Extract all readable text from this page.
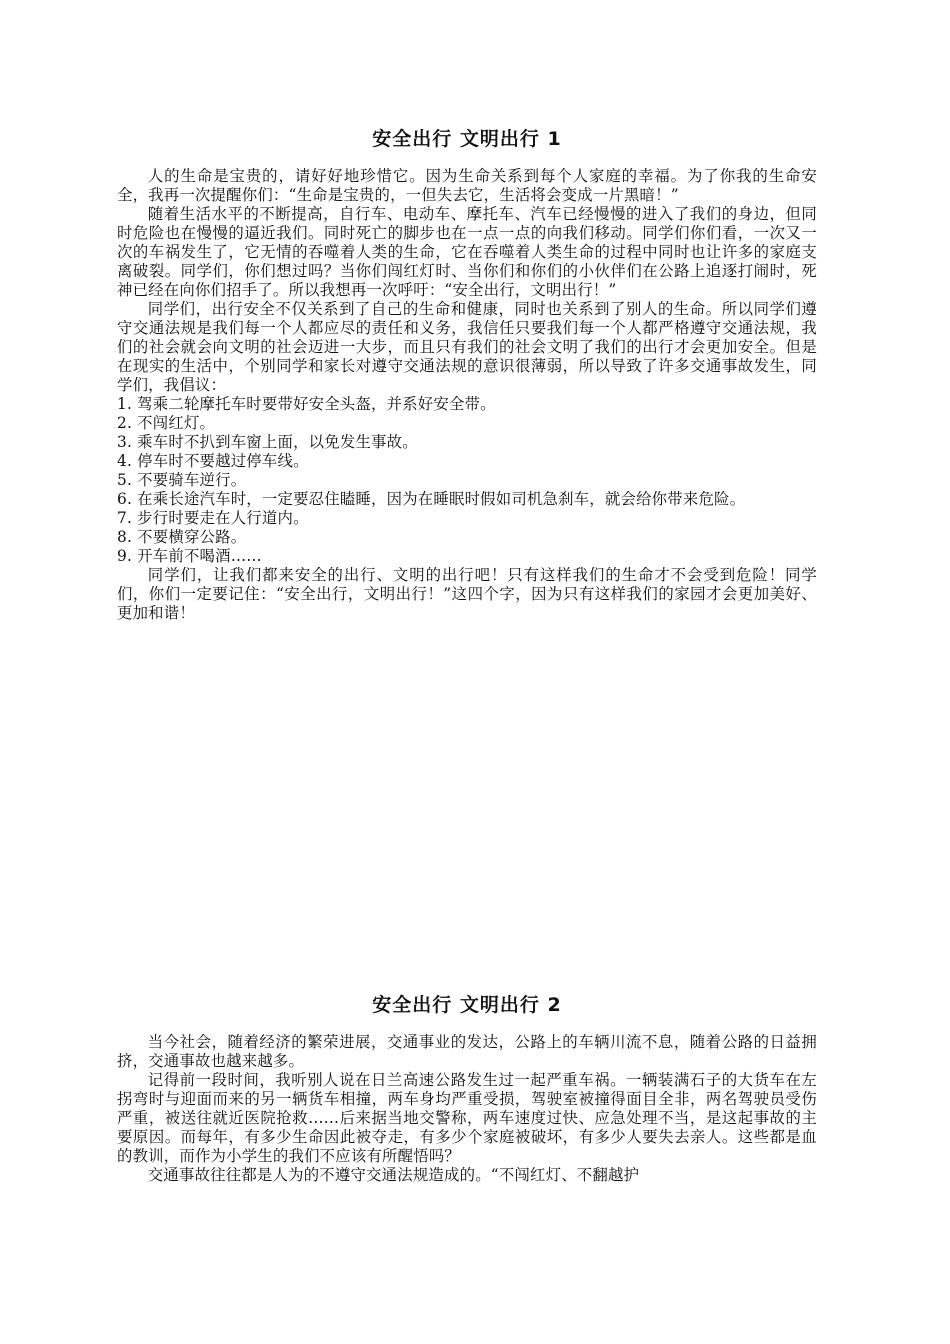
安全出行 文明出行 1

人的生命是宝贵的，请好好地珍惜它。因为生命关系到每个人家庭的幸福。为了你我的生命安全，我再一次提醒你们：“生命是宝贵的，一但失去它，生活将会变成一片黑暗！”

随着生活水平的不断提高，自行车、电动车、摩托车、汽车已经慢慢的进入了我们的身边，但同时危险也在慢慢的逼近我们。同时死亡的脚步也在一点一点的向我们移动。同学们你们看，一次又一次的车祸发生了，它无情的吞噬着人类的生命，它在吞噬着人类生命的过程中同时也让许多的家庭支离破裂。同学们，你们想过吗？当你们闯红灯时、当你们和你们的小伙伴们在公路上追逐打闹时，死神已经在向你们招手了。所以我想再一次呼吁：“安全出行，文明出行！”

同学们，出行安全不仅关系到了自己的生命和健康，同时也关系到了别人的生命。所以同学们遵守交通法规是我们每一个人都应尽的责任和义务，我信任只要我们每一个人都严格遵守交通法规，我们的社会就会向文明的社会迈进一大步，而且只有我们的社会文明了我们的出行才会更加安全。但是在现实的生活中，个别同学和家长对遵守交通法规的意识很薄弱，所以导致了许多交通事故发生，同学们，我倡议：

1. 驾乘二轮摩托车时要带好安全头盔，并系好安全带。
2. 不闯红灯。
3. 乘车时不扒到车窗上面，以免发生事故。
4. 停车时不要越过停车线。
5. 不要骑车逆行。
6. 在乘长途汽车时，一定要忍住瞌睡，因为在睡眠时假如司机急刹车，就会给你带来危险。
7. 步行时要走在人行道内。
8. 不要横穿公路。
9. 开车前不喝酒……

同学们，让我们都来安全的出行、文明的出行吧！只有这样我们的生命才不会受到危险！同学们，你们一定要记住：“安全出行，文明出行！”这四个字，因为只有这样我们的家园才会更加美好、更加和谐！

安全出行 文明出行 2

当今社会，随着经济的繁荣进展，交通事业的发达，公路上的车辆川流不息，随着公路的日益拥挤，交通事故也越来越多。

记得前一段时间，我听别人说在日兰高速公路发生过一起严重车祸。一辆装满石子的大货车在左拐弯时与迎面而来的另一辆货车相撞，两车身均严重受损，驾驶室被撞得面目全非，两名驾驶员受伤严重，被送往就近医院抢救……后来据当地交警称，两车速度过快、应急处理不当，是这起事故的主要原因。而每年，有多少生命因此被夺走，有多少个家庭被破坏，有多少人要失去亲人。这些都是血的教训，而作为小学生的我们不应该有所醒悟吗？

交通事故往往都是人为的不遵守交通法规造成的。“不闯红灯、不翻越护
